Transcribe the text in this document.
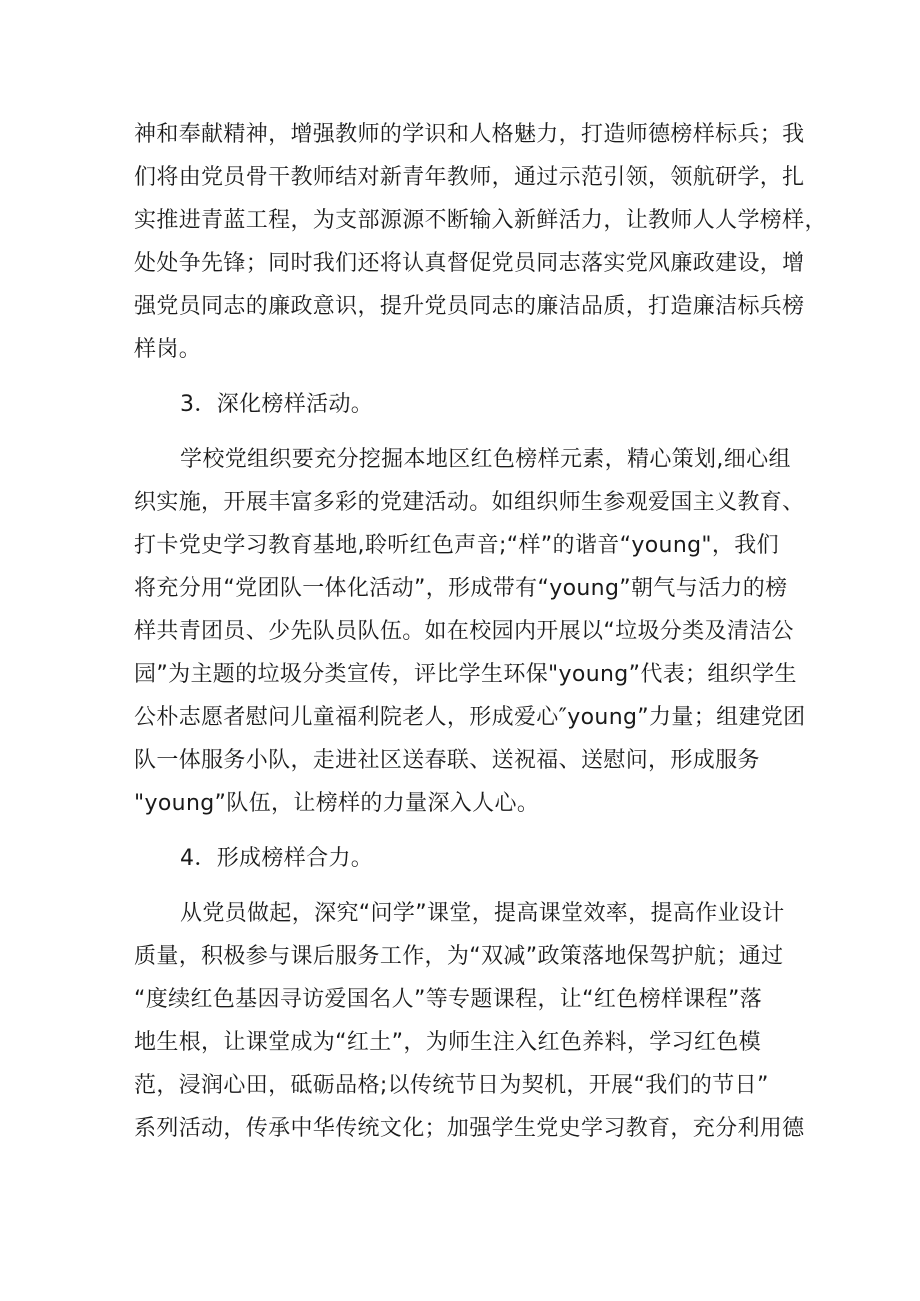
神和奉献精神，增强教师的学识和人格魅力，打造师德榜样标兵；我
们将由党员骨干教师结对新青年教师，通过示范引领，领航研学，扎
实推进青蓝工程，为支部源源不断输入新鲜活力，让教师人人学榜样，
处处争先锋；同时我们还将认真督促党员同志落实党风廉政建设，增
强党员同志的廉政意识，提升党员同志的廉洁品质，打造廉洁标兵榜
样岗。
3．深化榜样活动。
学校党组织要充分挖掘本地区红色榜样元素，精心策划,细心组
织实施，开展丰富多彩的党建活动。如组织师生参观爱国主义教育、
打卡党史学习教育基地,聆听红色声音;“样”的谐音“young"，我们
将充分用“党团队一体化活动”，形成带有“young”朝气与活力的榜
样共青团员、少先队员队伍。如在校园内开展以“垃圾分类及清洁公
园”为主题的垃圾分类宣传，评比学生环保"young”代表；组织学生
公朴志愿者慰问儿童福利院老人，形成爱心″young”力量；组建党团
队一体服务小队，走进社区送春联、送祝福、送慰问，形成服务
"young”队伍，让榜样的力量深入人心。
4．形成榜样合力。
从党员做起，深究“问学”课堂，提高课堂效率，提高作业设计
质量，积极参与课后服务工作，为“双减”政策落地保驾护航；通过
“度续红色基因寻访爱国名人”等专题课程，让“红色榜样课程”落
地生根，让课堂成为“红土”，为师生注入红色养料，学习红色模
范，浸润心田，砥砺品格;以传统节日为契机，开展“我们的节日”
系列活动，传承中华传统文化；加强学生党史学习教育，充分利用德
